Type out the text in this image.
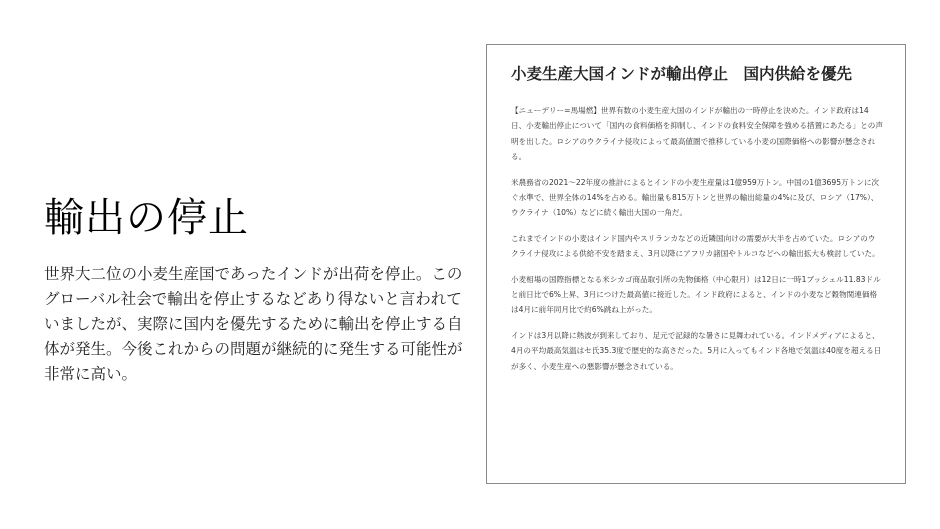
輸出の停止
世界大二位の小麦生産国であったインドが出荷を停止。このグローバル社会で輸出を停止するなどあり得ないと言われていましたが、実際に国内を優先するために輸出を停止する自体が発生。今後これからの問題が継続的に発生する可能性が非常に高い。
小麦生産大国インドが輸出停止　国内供給を優先

【ニューデリー=馬場燃】世界有数の小麦生産大国のインドが輸出の一時停止を決めた。インド政府は14日、小麦輸出停止について「国内の食料価格を抑制し、インドの食料安全保障を強める措置にあたる」との声明を出した。ロシアのウクライナ侵攻によって最高値圏で推移している小麦の国際価格への影響が懸念される。

米農務省の2021〜22年度の推計によるとインドの小麦生産量は1億959万トン。中国の1億3695万トンに次ぐ水準で、世界全体の14%を占める。輸出量も815万トンと世界の輸出総量の4%に及び、ロシア（17%）、ウクライナ（10%）などに続く輸出大国の一角だ。

これまでインドの小麦はインド国内やスリランカなどの近隣国向けの需要が大半を占めていた。ロシアのウクライナ侵攻による供給不安を踏まえ、3月以降にアフリカ諸国やトルコなどへの輸出拡大も検討していた。

小麦相場の国際指標となる米シカゴ商品取引所の先物価格（中心限月）は12日に一時1ブッシェル11.83ドルと前日比で6%上昇、3月につけた最高値に接近した。インド政府によると、インドの小麦など穀物関連価格は4月に前年同月比で約6%跳ね上がった。

インドは3月以降に熱波が到来しており、足元で記録的な暑さに見舞われている。インドメディアによると、4月の平均最高気温はセ氏35.3度で歴史的な高さだった。5月に入ってもインド各地で気温は40度を超える日が多く、小麦生産への悪影響が懸念されている。
